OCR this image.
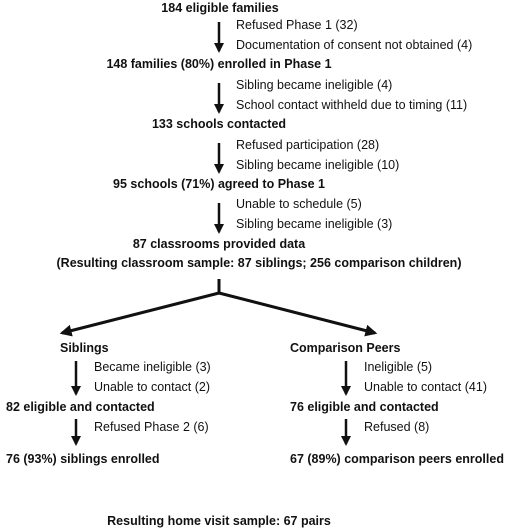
184 eligible families
Refused Phase 1 (32)
Documentation of consent not obtained (4)
148 families (80%) enrolled in Phase 1
Sibling became ineligible (4)
School contact withheld due to timing (11)
133 schools contacted
Refused participation (28)
Sibling became ineligible (10)
95 schools (71%) agreed to Phase 1
Unable to schedule (5)
Sibling became ineligible (3)
87 classrooms provided data
(Resulting classroom sample: 87 siblings; 256 comparison children)
Siblings
Became ineligible (3)
Unable to contact (2)
82 eligible and contacted
Refused Phase 2 (6)
76 (93%) siblings enrolled
Comparison Peers
Ineligible (5)
Unable to contact (41)
76 eligible and contacted
Refused (8)
67 (89%) comparison peers enrolled
Resulting home visit sample: 67 pairs
